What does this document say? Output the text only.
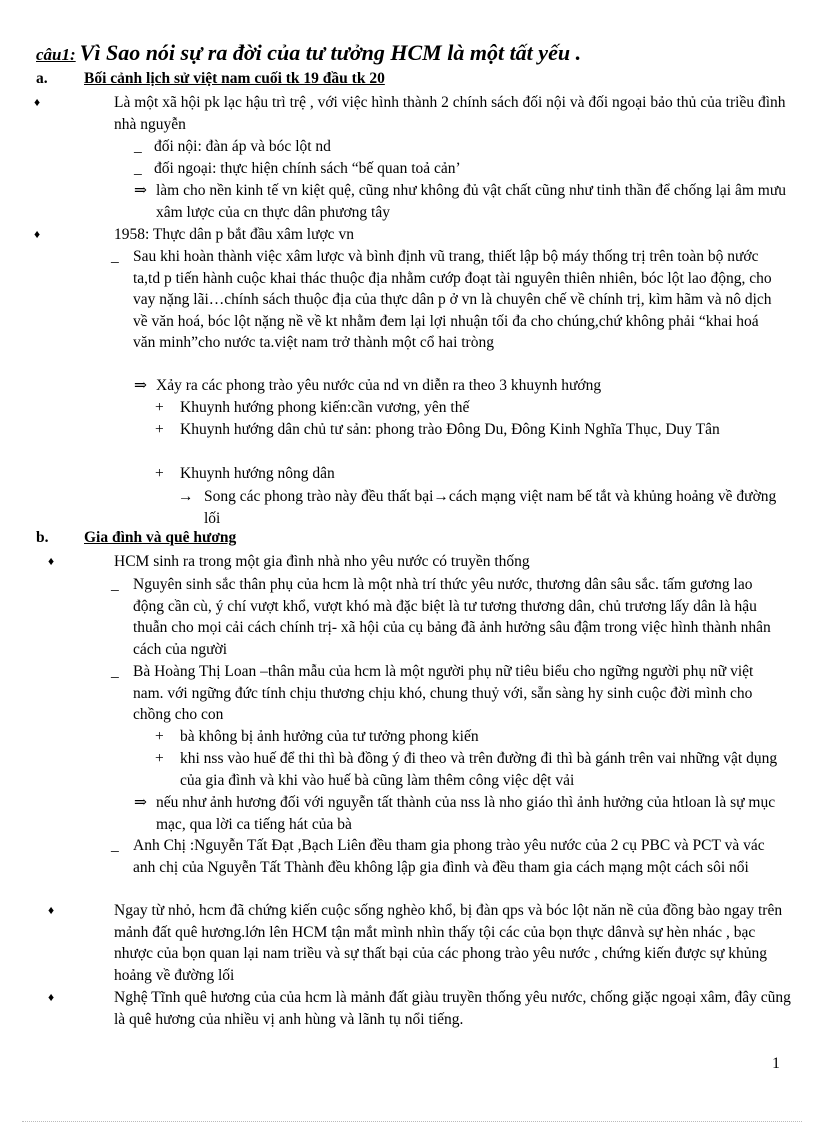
câu1: Vì Sao nói sự ra đời của tư tưởng HCM là một tất yếu .
a. Bối cảnh lịch sử việt nam cuối tk 19 đầu tk 20
♦	Là một xã hội pk lạc hậu trì trệ , với việc hình thành 2 chính sách đối nội và đối ngoại bảo thủ của triều đình nhà nguyễn
_ đối nội: đàn áp và bóc lột nd
_ đối ngoại: thực hiện chính sách “bế quan toả cản’
⇒ làm cho nền kinh tế vn kiệt quệ, cũng như không đủ vật chất cũng như tinh thần để chống lại âm mưu xâm lược của cn thực dân phương tây
♦	1958: Thực dân p bắt đầu xâm lược vn
_ Sau khi hoàn thành việc xâm lược và bình định vũ trang, thiết lập bộ máy thống trị trên toàn bộ nước ta,td p tiến hành cuộc khai thác thuộc địa nhằm cướp đoạt tài nguyên thiên nhiên, bóc lột lao động, cho vay nặng lãi…chính sách thuộc địa của thực dân p ở vn là chuyên chế về chính trị, kìm hãm và nô dịch về văn hoá, bóc lột nặng nề về kt nhằm đem lại lợi nhuận tối đa cho chúng,chứ không phải “khai hoá văn minh”cho nước ta.việt nam trở thành một cổ hai tròng
⇒ Xảy ra các phong trào yêu nước của nd vn diễn ra theo 3 khuynh hướng
+ Khuynh hướng phong kiến:cần vương, yên thế
+ Khuynh hướng dân chủ tư sản: phong trào Đông Du, Đông Kinh Nghĩa Thục, Duy Tân
+ Khuynh hướng nông dân
→ Song các phong trào này đều thất bại→cách mạng việt nam bế tắt và khủng hoảng về đường lối
b. Gia đình và quê hương
♦	HCM sinh ra trong một gia đình nhà nho yêu nước có truyền thống
_ Nguyên sinh sắc thân phụ của hcm là một nhà trí thức yêu nước, thương dân sâu sắc. tấm gương lao động cần cù, ý chí vượt khổ, vượt khó mà đặc biệt là tư tương thương dân, chủ trương lấy dân là hậu thuẫn cho mọi cải cách chính trị- xã hội của cụ bảng đã ảnh hưởng sâu đậm trong việc hình thành nhân cách của người
_ Bà Hoàng Thị Loan –thân mẫu của hcm là một người phụ nữ tiêu biểu cho ngững người phụ nữ việt nam. với ngững đức tính chịu thương chịu khó, chung thuỷ với, sẵn sàng hy sinh cuộc đời mình cho chồng cho con
+ bà không bị ảnh hưởng của tư tưởng phong kiến
+ khi nss vào huế để thi thì bà đồng ý đi theo và trên đường đi thì bà gánh trên vai những vật dụng của gia đình và khi vào huế bà cũng làm thêm công việc dệt vải
⇒ nếu như ảnh hương đối với nguyễn tất thành của nss là nho giáo thì ảnh hưởng của htloan là sự mục mạc, qua lời ca tiếng hát của bà
_ Anh Chị :Nguyễn Tất Đạt ,Bạch Liên đều tham gia phong trào yêu nước của 2 cụ PBC và PCT và vác anh chị của Nguyễn Tất Thành đều không lập gia đình và đều tham gia cách mạng một cách sôi nổi
♦	Ngay từ nhỏ, hcm đã chứng kiến cuộc sống nghèo khổ, bị đàn qps và bóc lột năn nề của đồng bào ngay trên mảnh đất quê hương.lớn lên HCM tận mắt mình nhìn thấy tội các của bọn thực dânvà sự hèn nhác , bạc nhược của bọn quan lại nam triều và sự thất bại của các phong trào yêu nước , chứng kiến được sự khủng hoảng về đường lối
♦	Nghệ Tĩnh quê hương của của hcm là mảnh đất giàu truyền thống yêu nước, chống giặc ngoại xâm, đây cũng là quê hương của nhiều vị anh hùng và lãnh tụ nổi tiếng.
1
